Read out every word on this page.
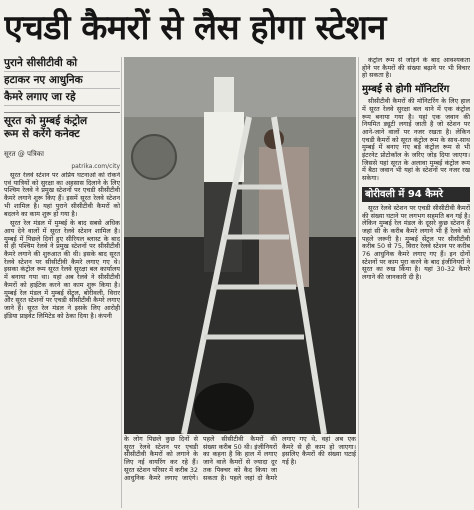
एचडी कैमरों से लैस होगा स्टेशन
पुराने सीसीटीवी को
हटाकर नए आधुनिक
कैमरे लगाए जा रहे
सूरत को मुम्बई कंट्रोल
रूम से करेंगे कनेक्ट
patrika.com/city
सूरत @ पत्रिका

सूरत रेलवे स्टेशन पर अप्रिय घटनाओं को रोकने एवं यात्रियों को सुरक्षा का अहसास दिलाने के लिए पश्चिम रेलवे ने प्रमुख स्टेशनों पर एचडी सीसीटीवी कैमरे लगाने शुरू किए हैं। इसमें सूरत रेलवे स्टेशन भी शामिल है। यहां पुराने सीसीटीवी कैमरों को बदलने का काम शुरू हो गया है।

सूरत रेल मंडल में मुम्बई के बाद सबसे अधिक आय देने वालों में सूरत रेलवे स्टेशन शामिल है। मुम्बई में पिछले दिनों हुए सीरियल ब्लास्ट के बाद से ही पश्चिम रेलवे ने प्रमुख स्टेशनों पर सीसीटीवी कैमरे लगाने की शुरुआत की थी। इसके बाद सूरत रेलवे स्टेशन पर सीसीटीवी कैमरे लगाए गए थे। इसका कंट्रोल रूम सूरत रेलवे सुरक्षा बल कार्यालय में बनाया गया था। यहां अब रेलवे ने सीसीटीवी कैमरों को हाईटेक करने का काम शुरू किया है। मुम्बई रेल मंडल में मुम्बई सेंट्रल, बोरीवली, विरार और सूरत स्टेशनों पर एचडी सीसीटीवी कैमरे लगाए जाने हैं। सूरत रेल मंडल ने इसके लिए आरोही इंडिया प्राइवेट लिमिटेड को ठेका दिया है। कंपनी

के लोग पिछले कुछ दिनों से सूरत रेलवे स्टेशन पर एचडी सीसीटीवी कैमरों को लगाने के लिए नई वायरिंग कर रहे हैं। सूरत स्टेशन परिसर में करीब 32 आधुनिक कैमरे लगाए जाएंगे। पहले सीसीटीवी कैमरों की संख्या करीब 50 थी। इंजीनियरों का कहना है कि हाल में लगाए जाने वाले कैमरों से ज्यादा दूर तक पिक्चर को कैद किया जा सकता है। पहले जहां दो कैमरे लगाए गए थे, वहां अब एक कैमरे से ही काम हो जाएगा। इसलिए कैमरों की संख्या घटाई गई है।

कंट्रोल रूम से जोड़ने के बाद आवश्यकता होने पर कैमरों की संख्या बढ़ाने पर भी विचार हो सकता है।

मुम्बई से होगी मॉनिटरिंग

सीसीटीवी कैमरों की मॉनिटरिंग के लिए हाल में सूरत रेलवे सुरक्षा बल थाने में एक कंट्रोल रूम बनाया गया है। यहां एक जवान की नियमित ड्यूटी लगाई जाती है जो स्टेशन पर आने-जाने वालों पर नजर रखता है। लेकिन एचडी कैमरों को सूरत कंट्रोल रूम के साथ-साथ मुम्बई में बनाए गए बड़े कंट्रोल रूम से भी इंटरनेट प्रोटोकॉल के जरिए जोड़ दिया जाएगा। जिससे यहां सूरत के अलावा मुम्बई कंट्रोल रूम में बैठा जवान भी यहां के स्टेशनों पर नजर रख सकेगा।

बोरीवली में 94 कैमरे

सूरत रेलवे स्टेशन पर एचडी सीसीटीवी कैमरों की संख्या घटाने पर लगभग सहमति बन गई है। लेकिन मुम्बई रेल मंडल के दूसरे कुछ स्टेशन हैं जहां सी के करीब कैमरे लगाने भी हैं रेलवे को पहले जरूरी है। मुम्बई सेंट्रल पर सीसीटीवी करीब 50 से 75, विरार रेलवे स्टेशन पर करीब 76 आधुनिक कैमरे लगाए गए हैं। इन दोनों स्टेशनों पर काम पूरा करने के बाद इंजीनियरों ने सूरत का रुख किया है। यहां 30-32 कैमरे लगाने की जानकारी दी है।
